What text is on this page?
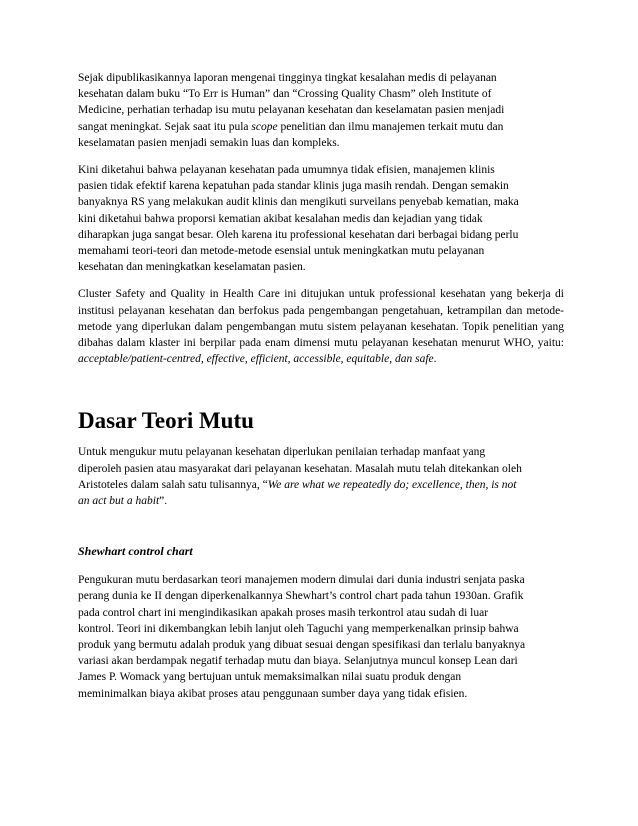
Sejak dipublikasikannya laporan mengenai tingginya tingkat kesalahan medis di pelayanan
kesehatan dalam buku “To Err is Human” dan “Crossing Quality Chasm” oleh Institute of
Medicine, perhatian terhadap isu mutu pelayanan kesehatan dan keselamatan pasien menjadi
sangat meningkat. Sejak saat itu pula scope penelitian dan ilmu manajemen terkait mutu dan
keselamatan pasien menjadi semakin luas dan kompleks.

Kini diketahui bahwa pelayanan kesehatan pada umumnya tidak efisien, manajemen klinis
pasien tidak efektif karena kepatuhan pada standar klinis juga masih rendah. Dengan semakin
banyaknya RS yang melakukan audit klinis dan mengikuti surveilans penyebab kematian, maka
kini diketahui bahwa proporsi kematian akibat kesalahan medis dan kejadian yang tidak
diharapkan juga sangat besar. Oleh karena itu professional kesehatan dari berbagai bidang perlu
memahami teori-teori dan metode-metode esensial untuk meningkatkan mutu pelayanan
kesehatan dan meningkatkan keselamatan pasien.

Cluster Safety and Quality in Health Care ini ditujukan untuk professional kesehatan yang bekerja di institusi pelayanan kesehatan dan berfokus pada pengembangan pengetahuan, ketrampilan dan metode-metode yang diperlukan dalam pengembangan mutu sistem pelayanan kesehatan. Topik penelitian yang dibahas dalam klaster ini berpilar pada enam dimensi mutu pelayanan kesehatan menurut WHO, yaitu: acceptable/patient-centred, effective, efficient, accessible, equitable, dan safe.

Dasar Teori Mutu

Untuk mengukur mutu pelayanan kesehatan diperlukan penilaian terhadap manfaat yang
diperoleh pasien atau masyarakat dari pelayanan kesehatan. Masalah mutu telah ditekankan oleh
Aristoteles dalam salah satu tulisannya, “We are what we repeatedly do; excellence, then, is not
an act but a habit”.

Shewhart control chart

Pengukuran mutu berdasarkan teori manajemen modern dimulai dari dunia industri senjata paska
perang dunia ke II dengan diperkenalkannya Shewhart’s control chart pada tahun 1930an. Grafik
pada control chart ini mengindikasikan apakah proses masih terkontrol atau sudah di luar
kontrol. Teori ini dikembangkan lebih lanjut oleh Taguchi yang memperkenalkan prinsip bahwa
produk yang bermutu adalah produk yang dibuat sesuai dengan spesifikasi dan terlalu banyaknya
variasi akan berdampak negatif terhadap mutu dan biaya. Selanjutnya muncul konsep Lean dari
James P. Womack yang bertujuan untuk memaksimalkan nilai suatu produk dengan
meminimalkan biaya akibat proses atau penggunaan sumber daya yang tidak efisien.
